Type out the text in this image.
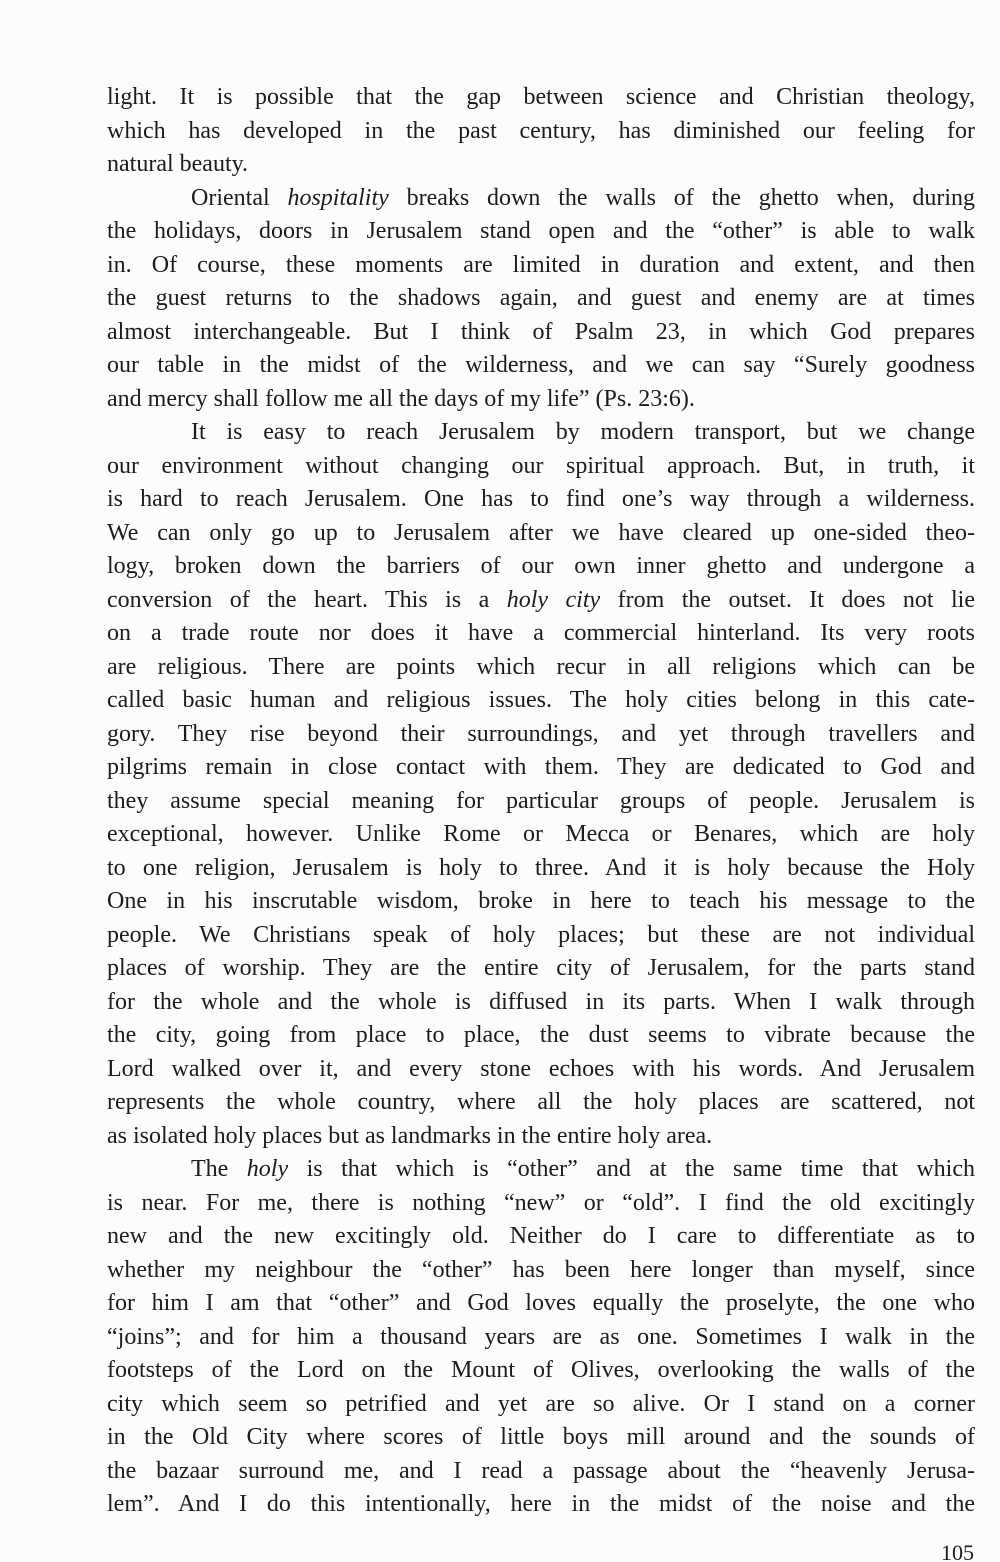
light. It is possible that the gap between science and Christian theology,
which has developed in the past century, has diminished our feeling for
natural beauty.
Oriental hospitality breaks down the walls of the ghetto when, during
the holidays, doors in Jerusalem stand open and the “other” is able to walk
in. Of course, these moments are limited in duration and extent, and then
the guest returns to the shadows again, and guest and enemy are at times
almost interchangeable. But I think of Psalm 23, in which God prepares
our table in the midst of the wilderness, and we can say “Surely goodness
and mercy shall follow me all the days of my life” (Ps. 23:6).
It is easy to reach Jerusalem by modern transport, but we change
our environment without changing our spiritual approach. But, in truth, it
is hard to reach Jerusalem. One has to find one’s way through a wilderness.
We can only go up to Jerusalem after we have cleared up one-sided theo-
logy, broken down the barriers of our own inner ghetto and undergone a
conversion of the heart. This is a holy city from the outset. It does not lie
on a trade route nor does it have a commercial hinterland. Its very roots
are religious. There are points which recur in all religions which can be
called basic human and religious issues. The holy cities belong in this cate-
gory. They rise beyond their surroundings, and yet through travellers and
pilgrims remain in close contact with them. They are dedicated to God and
they assume special meaning for particular groups of people. Jerusalem is
exceptional, however. Unlike Rome or Mecca or Benares, which are holy
to one religion, Jerusalem is holy to three. And it is holy because the Holy
One in his inscrutable wisdom, broke in here to teach his message to the
people. We Christians speak of holy places; but these are not individual
places of worship. They are the entire city of Jerusalem, for the parts stand
for the whole and the whole is diffused in its parts. When I walk through
the city, going from place to place, the dust seems to vibrate because the
Lord walked over it, and every stone echoes with his words. And Jerusalem
represents the whole country, where all the holy places are scattered, not
as isolated holy places but as landmarks in the entire holy area.
The holy is that which is “other” and at the same time that which
is near. For me, there is nothing “new” or “old”. I find the old excitingly
new and the new excitingly old. Neither do I care to differentiate as to
whether my neighbour the “other” has been here longer than myself, since
for him I am that “other” and God loves equally the proselyte, the one who
“joins”; and for him a thousand years are as one. Sometimes I walk in the
footsteps of the Lord on the Mount of Olives, overlooking the walls of the
city which seem so petrified and yet are so alive. Or I stand on a corner
in the Old City where scores of little boys mill around and the sounds of
the bazaar surround me, and I read a passage about the “heavenly Jerusa-
lem”. And I do this intentionally, here in the midst of the noise and the
105
